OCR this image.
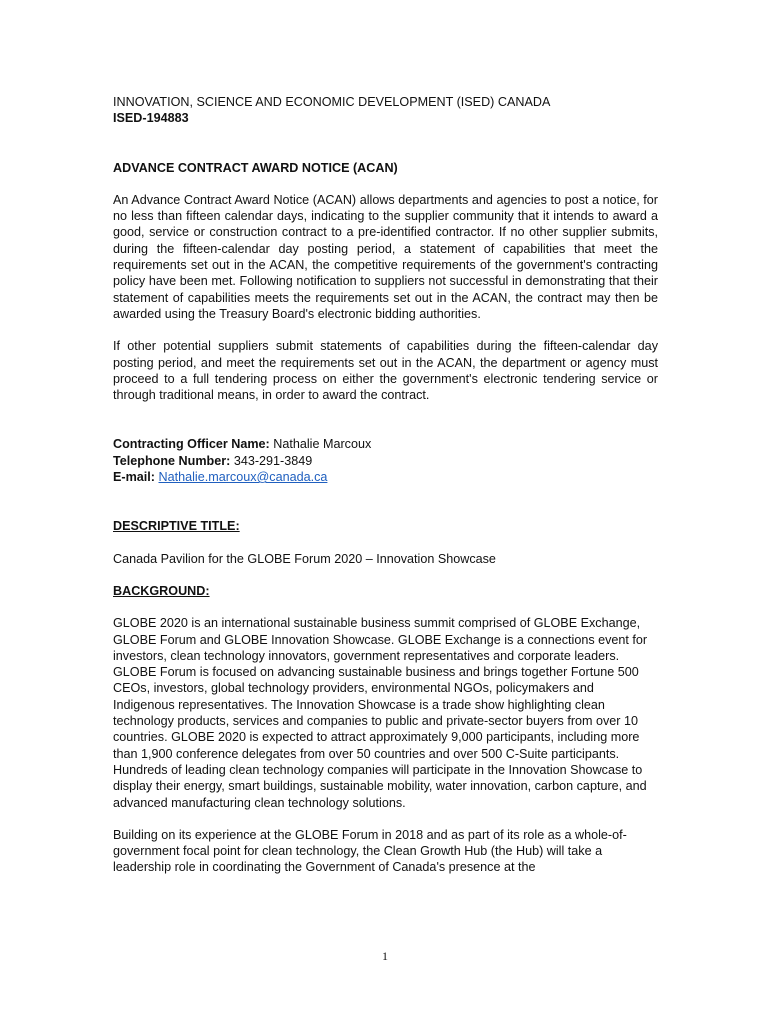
INNOVATION, SCIENCE AND ECONOMIC DEVELOPMENT (ISED) CANADA

ISED-194883

ADVANCE CONTRACT AWARD NOTICE (ACAN)

An Advance Contract Award Notice (ACAN) allows departments and agencies to post a notice, for no less than fifteen calendar days, indicating to the supplier community that it intends to award a good, service or construction contract to a pre-identified contractor. If no other supplier submits, during the fifteen-calendar day posting period, a statement of capabilities that meet the requirements set out in the ACAN, the competitive requirements of the government's contracting policy have been met. Following notification to suppliers not successful in demonstrating that their statement of capabilities meets the requirements set out in the ACAN, the contract may then be awarded using the Treasury Board's electronic bidding authorities.

If other potential suppliers submit statements of capabilities during the fifteen-calendar day posting period, and meet the requirements set out in the ACAN, the department or agency must proceed to a full tendering process on either the government's electronic tendering service or through traditional means, in order to award the contract.

Contracting Officer Name: Nathalie Marcoux

Telephone Number: 343-291-3849

E-mail: Nathalie.marcoux@canada.ca

DESCRIPTIVE TITLE:

Canada Pavilion for the GLOBE Forum 2020 – Innovation Showcase

BACKGROUND:

GLOBE 2020 is an international sustainable business summit comprised of GLOBE Exchange, GLOBE Forum and GLOBE Innovation Showcase. GLOBE Exchange is a connections event for investors, clean technology innovators, government representatives and corporate leaders. GLOBE Forum is focused on advancing sustainable business and brings together Fortune 500 CEOs, investors, global technology providers, environmental NGOs, policymakers and Indigenous representatives. The Innovation Showcase is a trade show highlighting clean technology products, services and companies to public and private-sector buyers from over 10 countries. GLOBE 2020 is expected to attract approximately 9,000 participants, including more than 1,900 conference delegates from over 50 countries and over 500 C-Suite participants. Hundreds of leading clean technology companies will participate in the Innovation Showcase to display their energy, smart buildings, sustainable mobility, water innovation, carbon capture, and advanced manufacturing clean technology solutions.

Building on its experience at the GLOBE Forum in 2018 and as part of its role as a whole-of-government focal point for clean technology, the Clean Growth Hub (the Hub) will take a leadership role in coordinating the Government of Canada's presence at the

1
